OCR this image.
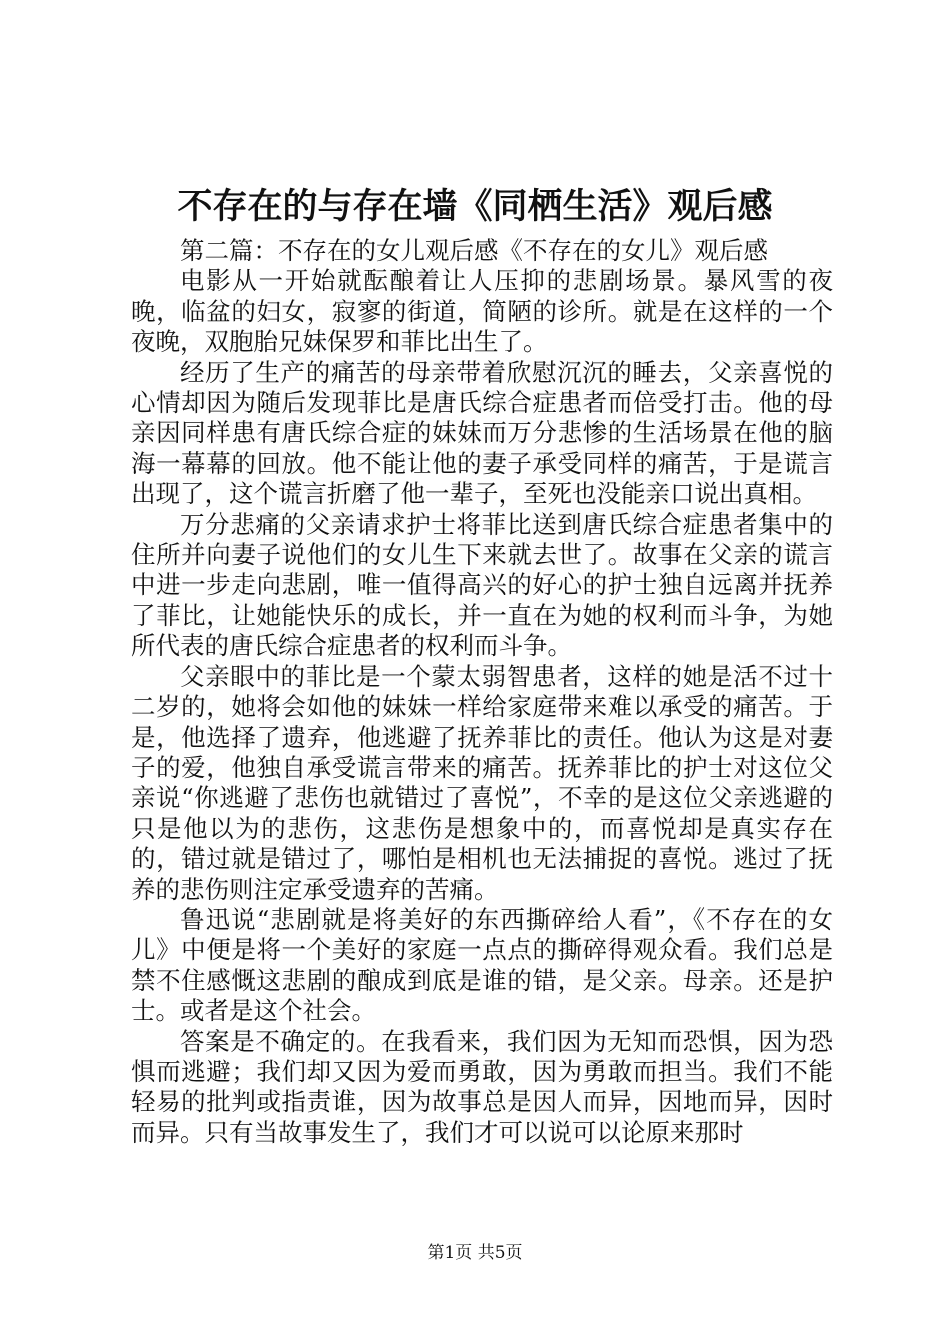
不存在的与存在墙《同栖生活》观后感

第二篇：不存在的女儿观后感《不存在的女儿》观后感

电影从一开始就酝酿着让人压抑的悲剧场景。暴风雪的夜晚，临盆的妇女，寂寥的街道，简陋的诊所。就是在这样的一个夜晚，双胞胎兄妹保罗和菲比出生了。

经历了生产的痛苦的母亲带着欣慰沉沉的睡去，父亲喜悦的心情却因为随后发现菲比是唐氏综合症患者而倍受打击。他的母亲因同样患有唐氏综合症的妹妹而万分悲惨的生活场景在他的脑海一幕幕的回放。他不能让他的妻子承受同样的痛苦，于是谎言出现了，这个谎言折磨了他一辈子，至死也没能亲口说出真相。

万分悲痛的父亲请求护士将菲比送到唐氏综合症患者集中的住所并向妻子说他们的女儿生下来就去世了。故事在父亲的谎言中进一步走向悲剧，唯一值得高兴的好心的护士独自远离并抚养了菲比，让她能快乐的成长，并一直在为她的权利而斗争，为她所代表的唐氏综合症患者的权利而斗争。

父亲眼中的菲比是一个蒙太弱智患者，这样的她是活不过十二岁的，她将会如他的妹妹一样给家庭带来难以承受的痛苦。于是，他选择了遗弃，他逃避了抚养菲比的责任。他认为这是对妻子的爱，他独自承受谎言带来的痛苦。抚养菲比的护士对这位父亲说“你逃避了悲伤也就错过了喜悦”，不幸的是这位父亲逃避的只是他以为的悲伤，这悲伤是想象中的，而喜悦却是真实存在的，错过就是错过了，哪怕是相机也无法捕捉的喜悦。逃过了抚养的悲伤则注定承受遗弃的苦痛。

鲁迅说“悲剧就是将美好的东西撕碎给人看”，《不存在的女儿》中便是将一个美好的家庭一点点的撕碎得观众看。我们总是禁不住感慨这悲剧的酿成到底是谁的错，是父亲。母亲。还是护士。或者是这个社会。

答案是不确定的。在我看来，我们因为无知而恐惧，因为恐惧而逃避；我们却又因为爱而勇敢，因为勇敢而担当。我们不能轻易的批判或指责谁，因为故事总是因人而异，因地而异，因时而异。只有当故事发生了，我们才可以说可以论原来那时

第1页 共5页
